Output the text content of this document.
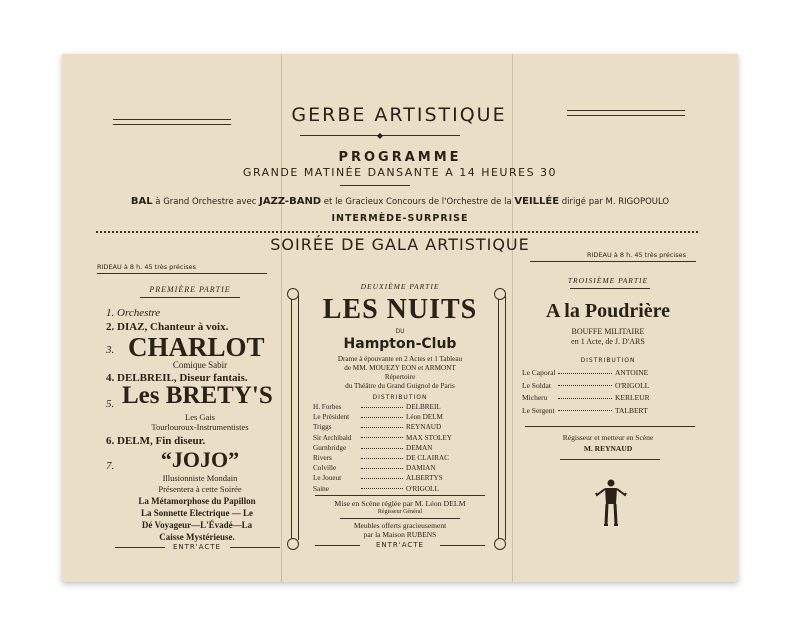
GERBE ARTISTIQUE
◆
PROGRAMME
GRANDE MATINÉE DANSANTE A 14 HEURES 30
BAL à Grand Orchestre avec JAZZ-BAND et le Gracieux Concours de l'Orchestre de la VEILLÉE dirigé par M. RIGOPOULO
INTERMÈDE-SURPRISE
SOIRÉE DE GALA ARTISTIQUE
RIDEAU à 8 h. 45 très précises
RIDEAU à 8 h. 45 très précises
PREMIÈRE PARTIE
1. Orchestre
2. DIAZ, Chanteur à voix.
3. CHARLOT
Comique Sabir
4. DELBREIL, Diseur fantais.
5. Les BRETY'S
Les Gais
Tourlouroux-Instrumentistes
6. DELM, Fin diseur.
7.	“JOJO”
Illusionniste Mondain
Présentera à cette Soirée
La Métamorphose du Papillon
La Sonnette Electrique — Le
Dé Voyageur—L'Évadé—La
Caisse Mystérieuse.
ENTR'ACTE
DEUXIÈME PARTIE
LES NUITS
DU
Hampton-Club
Drame à épouvante en 2 Actes et 1 Tableau
de MM. MOUEZY EON et ARMONT
Répertoire
du Théâtre du Grand Guignol de Paris
DISTRIBUTION
H. Forbes	DELBREIL
Le Président	Léon DELM
Triggs	REYNAUD
Sir Archibald	MAX STOLEY
Gurnbridge	DEMAN
Rivers	DE CLAIRAC
Colville	DAMIAN
Le Joueur	ALBERTYS
Saine	O'RIGOLL
Mise en Scène réglée par M. Léon DELM
Régisseur Général
Meubles offerts gracieusement
par la Maison RUBENS
ENTR'ACTE
TROISIÈME PARTIE
A la Poudrière
BOUFFE MILITAIRE
en 1 Acte, de J. D'ARS
DISTRIBUTION
Le Caporal	ANTOINE
Le Soldat	O'RIGOLL
Micheru	KERLEUR
Le Sergent	TALBERT
Régisseur et metteur en Scène
M. REYNAUD
